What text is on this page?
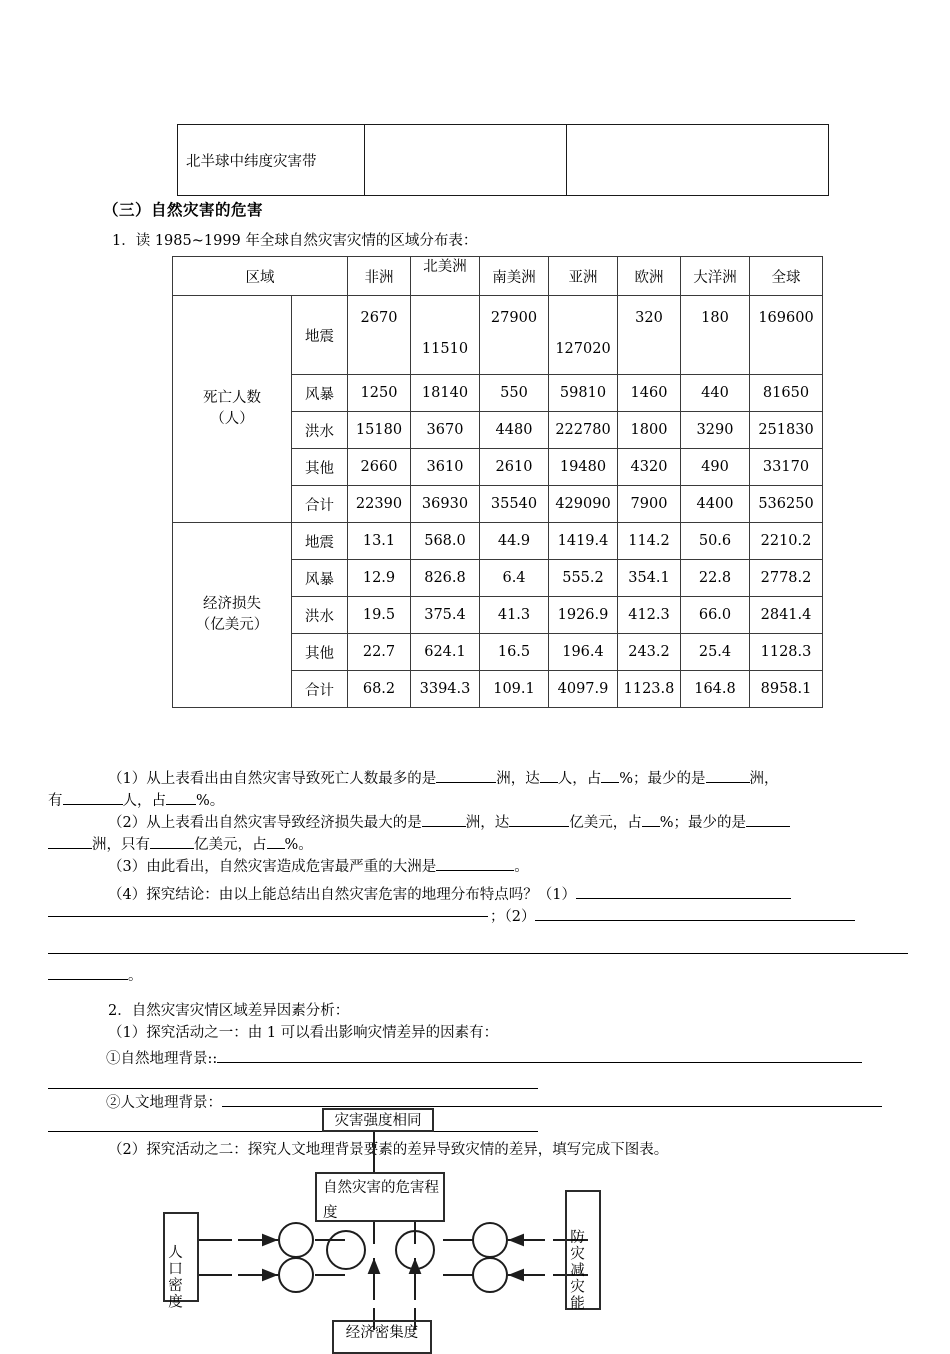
北半球中纬度灾害带		
（三）自然灾害的危害
1．读 1985~1999 年全球自然灾害灾情的区域分布表：
区域		非洲	北美洲	南美洲	亚洲	欧洲	大洋洲	全球

死亡人数
（人）	地震	2670	11510	27900	127020	320	180	169600
	风暴	1250	18140	550	59810	1460	440	81650
	洪水	15180	3670	4480	222780	1800	3290	251830
	其他	2660	3610	2610	19480	4320	490	33170
	合计	22390	36930	35540	429090	7900	4400	536250

经济损失
（亿美元）	地震	13.1	568.0	44.9	1419.4	114.2	50.6	2210.2
	风暴	12.9	826.8	6.4	555.2	354.1	22.8	2778.2
	洪水	19.5	375.4	41.3	1926.9	412.3	66.0	2841.4
	其他	22.7	624.1	16.5	196.4	243.2	25.4	1128.3
	合计	68.2	3394.3	109.1	4097.9	1123.8	164.8	8958.1
（1）从上表看出由自然灾害导致死亡人数最多的是	洲，达 人，占 %；最少的是	洲，
有	人，占 %。
（2）从上表看出自然灾害导致经济损失最大的是	洲，达	亿美元，占 %；最少的是
洲，只有	亿美元，占 %。
（3）由此看出，自然灾害造成危害最严重的大洲是	。
（4）探究结论：由以上能总结出自然灾害危害的地理分布特点吗？（1）
；（2）
。
2．自然灾害灾情区域差异因素分析：
（1）探究活动之一：由 1 可以看出影响灾情差异的因素有：
①自然地理背景::
②人文地理背景：
（2）探究活动之二：探究人文地理背景要素的差异导致灾情的差异，填写完成下图表。
灾害强度相同
自然灾害的危害程度
人口密度	防灾减灾能
经济密集度
